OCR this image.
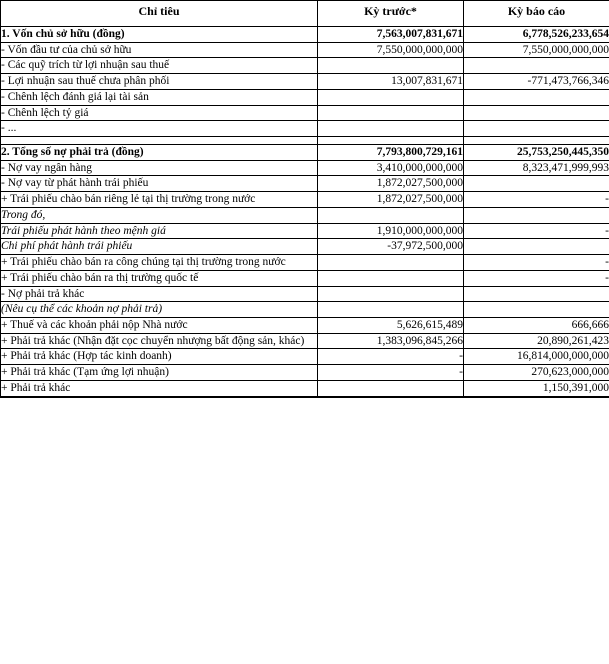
Chỉ tiêu	Kỳ trước*	Kỳ báo cáo
1. Vốn chủ sở hữu (đồng)	7,563,007,831,671	6,778,526,233,654
- Vốn đầu tư của chủ sở hữu	7,550,000,000,000	7,550,000,000,000
- Các quỹ trích từ lợi nhuận sau thuế		
- Lợi nhuận sau thuế chưa phân phối	13,007,831,671	-771,473,766,346
- Chênh lệch đánh giá lại tài sản		
- Chênh lệch tỷ giá		
- ...		

2. Tổng số nợ phải trả (đồng)	7,793,800,729,161	25,753,250,445,350
- Nợ vay ngân hàng	3,410,000,000,000	8,323,471,999,993
- Nợ vay từ phát hành trái phiếu	1,872,027,500,000	
+ Trái phiếu chào bán riêng lẻ tại thị trường trong nước	1,872,027,500,000	-
Trong đó,		
Trái phiếu phát hành theo mệnh giá	1,910,000,000,000	-
Chi phí phát hành trái phiếu	-37,972,500,000	
+ Trái phiếu chào bán ra công chúng tại thị trường trong nước		-
+ Trái phiếu chào bán ra thị trường quốc tế		-
- Nợ phải trả khác		
(Nêu cụ thể các khoản nợ phải trả)		
+ Thuế và các khoản phải nộp Nhà nước	5,626,615,489	666,666
+ Phải trả khác (Nhận đặt cọc chuyển nhượng bất động sản, khác)	1,383,096,845,266	20,890,261,423
+ Phải trả khác (Hợp tác kinh doanh)	-	16,814,000,000,000
+ Phải trả khác (Tạm ứng lợi nhuận)	-	270,623,000,000
+ Phải trả khác		1,150,391,000
